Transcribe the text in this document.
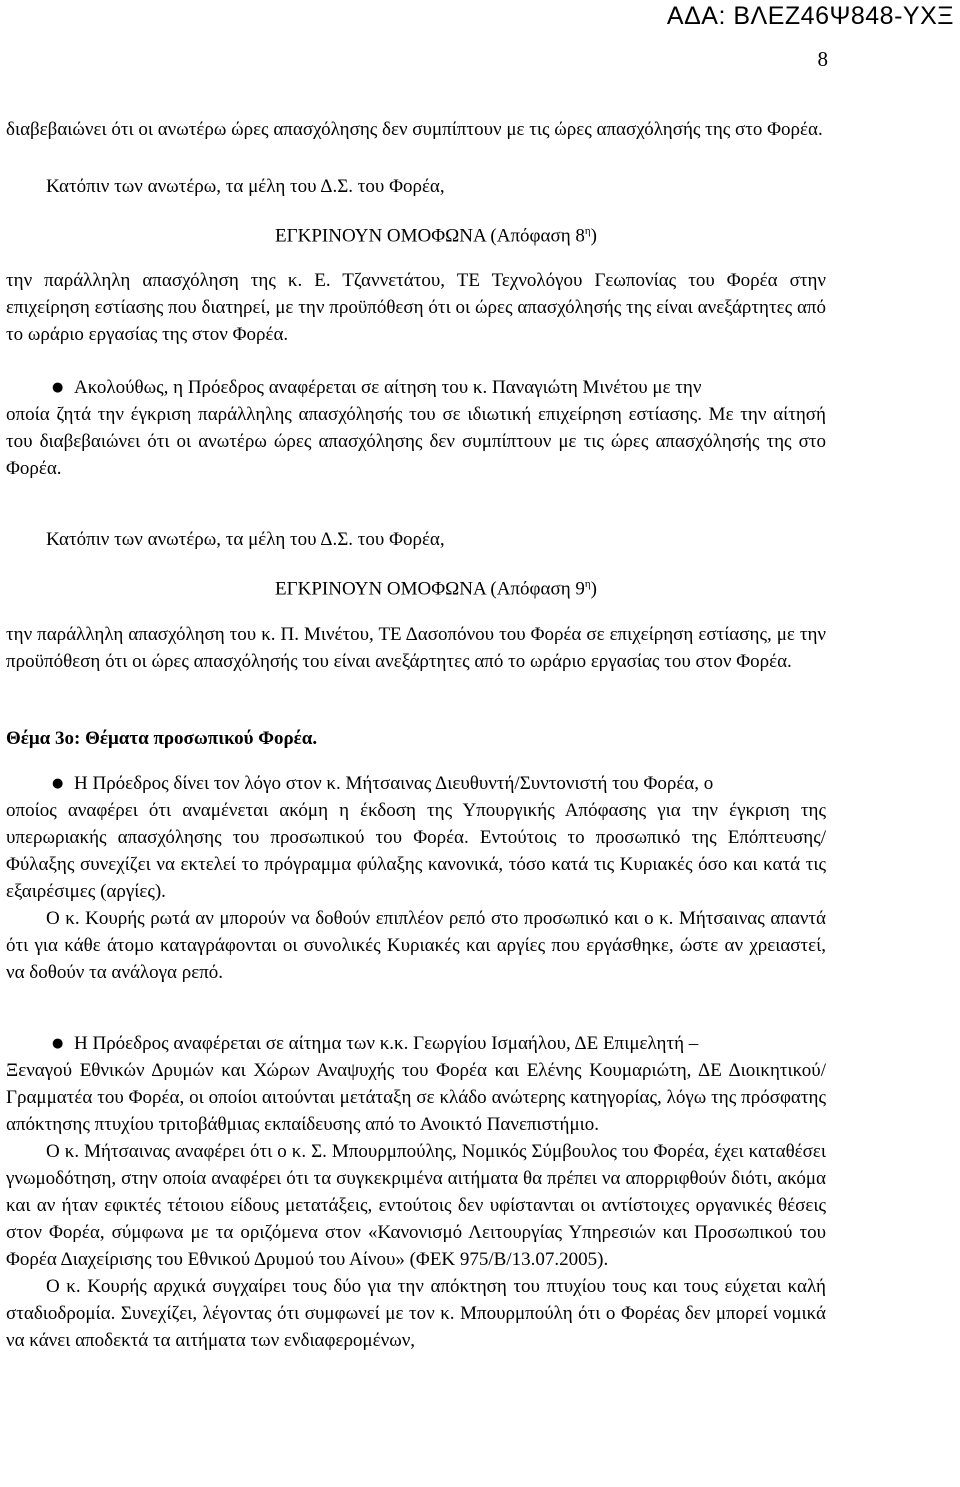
ΑΔΑ: ΒΛΕΖ46Ψ848-ΥΧΞ
8

διαβεβαιώνει ότι οι ανωτέρω ώρες απασχόλησης δεν συμπίπτουν με τις ώρες απασχόλησής της στο Φορέα.

Κατόπιν των ανωτέρω, τα μέλη του Δ.Σ. του Φορέα,

ΕΓΚΡΙΝΟΥΝ ΟΜΟΦΩΝΑ (Απόφαση $8^\eta$)

την παράλληλη απασχόληση της κ. Ε. Τζαννετάτου, ΤΕ Τεχνολόγου Γεωπονίας του Φορέα στην επιχείρηση εστίασης που διατηρεί, με την προϋπόθεση ότι οι ώρες απασχόλησής της είναι ανεξάρτητες από το ωράριο εργασίας της στον Φορέα.

● Ακολούθως, η Πρόεδρος αναφέρεται σε αίτηση του κ. Παναγιώτη Μινέτου με την

οποία ζητά την έγκριση παράλληλης απασχόλησής του σε ιδιωτική επιχείρηση εστίασης. Με την αίτησή του διαβεβαιώνει ότι οι ανωτέρω ώρες απασχόλησης δεν συμπίπτουν με τις ώρες απασχόλησής της στο Φορέα.

Κατόπιν των ανωτέρω, τα μέλη του Δ.Σ. του Φορέα,

ΕΓΚΡΙΝΟΥΝ ΟΜΟΦΩΝΑ (Απόφαση $9^\eta$)

την παράλληλη απασχόληση του κ. Π. Μινέτου, ΤΕ Δασοπόνου του Φορέα σε επιχείρηση εστίασης, με την προϋπόθεση ότι οι ώρες απασχόλησής του είναι ανεξάρτητες από το ωράριο εργασίας του στον Φορέα.

Θέμα 3ο: Θέματα προσωπικού Φορέα.

● Η Πρόεδρος δίνει τον λόγο στον κ. Μήτσαινας Διευθυντή/Συντονιστή του Φορέα, ο

οποίος αναφέρει ότι αναμένεται ακόμη η έκδοση της Υπουργικής Απόφασης για την έγκριση της υπερωριακής απασχόλησης του προσωπικού του Φορέα. Εντούτοις το προσωπικό της Επόπτευσης/Φύλαξης συνεχίζει να εκτελεί το πρόγραμμα φύλαξης κανονικά, τόσο κατά τις Κυριακές όσο και κατά τις εξαιρέσιμες (αργίες).

Ο κ. Κουρής ρωτά αν μπορούν να δοθούν επιπλέον ρεπό στο προσωπικό και ο κ. Μήτσαινας απαντά ότι για κάθε άτομο καταγράφονται οι συνολικές Κυριακές και αργίες που εργάσθηκε, ώστε αν χρειαστεί, να δοθούν τα ανάλογα ρεπό.

● Η Πρόεδρος αναφέρεται σε αίτημα των κ.κ. Γεωργίου Ισμαήλου, ΔΕ Επιμελητή –

Ξεναγού Εθνικών Δρυμών και Χώρων Αναψυχής του Φορέα και Ελένης Κουμαριώτη, ΔΕ Διοικητικού/Γραμματέα του Φορέα, οι οποίοι αιτούνται μετάταξη σε κλάδο ανώτερης κατηγορίας, λόγω της πρόσφατης απόκτησης πτυχίου τριτοβάθμιας εκπαίδευσης από το Ανοικτό Πανεπιστήμιο.

Ο κ. Μήτσαινας αναφέρει ότι ο κ. Σ. Μπουρμπούλης, Νομικός Σύμβουλος του Φορέα, έχει καταθέσει γνωμοδότηση, στην οποία αναφέρει ότι τα συγκεκριμένα αιτήματα θα πρέπει να απορριφθούν διότι, ακόμα και αν ήταν εφικτές τέτοιου είδους μετατάξεις, εντούτοις δεν υφίστανται οι αντίστοιχες οργανικές θέσεις στον Φορέα, σύμφωνα με τα οριζόμενα στον «Κανονισμό Λειτουργίας Υπηρεσιών και Προσωπικού του Φορέα Διαχείρισης του Εθνικού Δρυμού του Αίνου» (ΦΕΚ 975/Β/13.07.2005).

Ο κ. Κουρής αρχικά συγχαίρει τους δύο για την απόκτηση του πτυχίου τους και τους εύχεται καλή σταδιοδρομία. Συνεχίζει, λέγοντας ότι συμφωνεί με τον κ. Μπουρμπούλη ότι ο Φορέας δεν μπορεί νομικά να κάνει αποδεκτά τα αιτήματα των ενδιαφερομένων,
